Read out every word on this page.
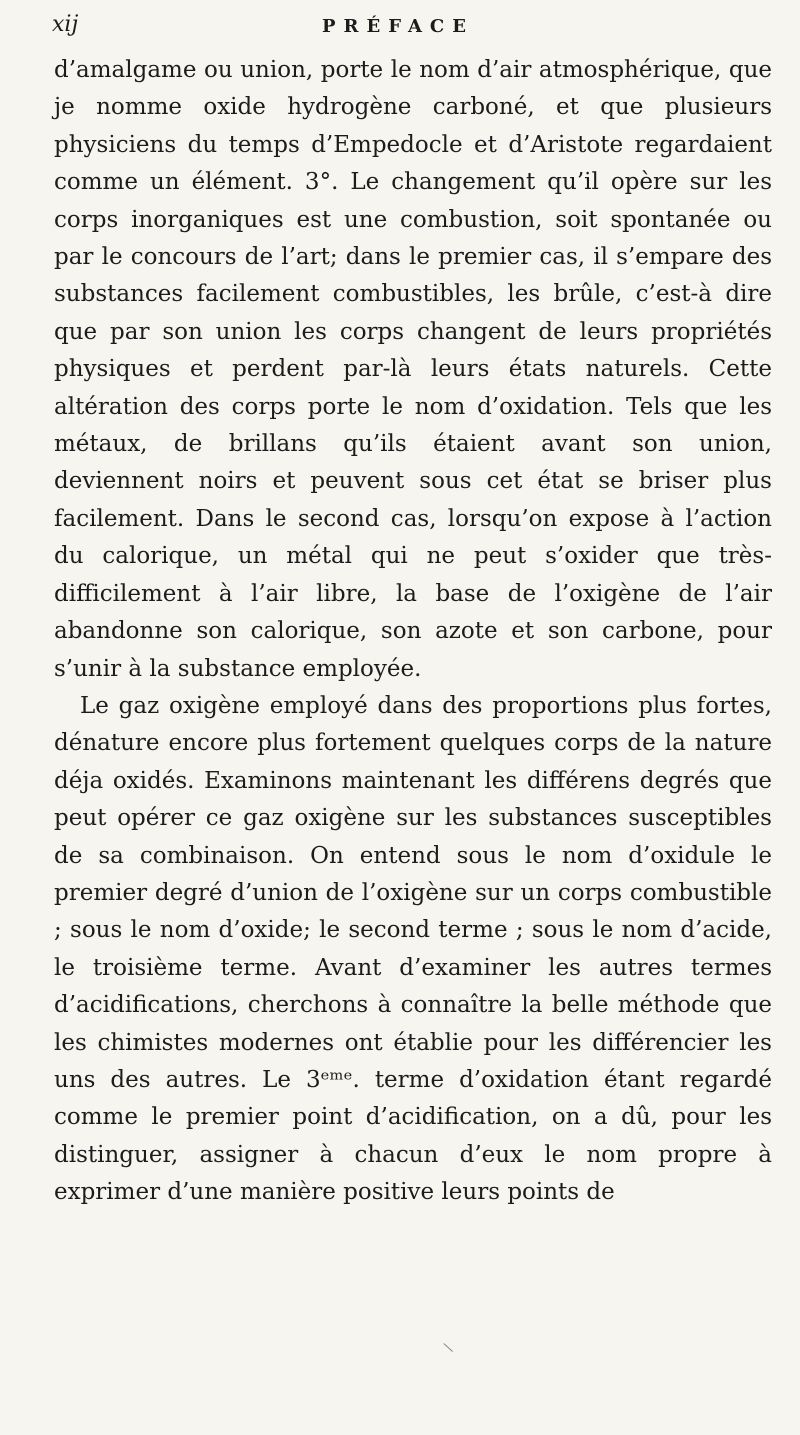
xij	PRÉFACE

d’amalgame ou union, porte le nom d’air atmosphérique, que je nomme oxide hydrogène carboné, et que plusieurs physiciens du temps d’Empedocle et d’Aristote regardaient comme un élément. 3°. Le changement qu’il opère sur les corps inorganiques est une combustion, soit spontanée ou par le concours de l’art; dans le premier cas, il s’empare des substances facilement combustibles, les brûle, c’est-à dire que par son union les corps changent de leurs propriétés physiques et perdent par-là leurs états naturels. Cette altération des corps porte le nom d’oxidation. Tels que les métaux, de brillans qu’ils étaient avant son union, deviennent noirs et peuvent sous cet état se briser plus facilement. Dans le second cas, lorsqu’on expose à l’action du calorique, un métal qui ne peut s’oxider que très-difficilement à l’air libre, la base de l’oxigène de l’air abandonne son calorique, son azote et son carbone, pour s’unir à la substance employée.

Le gaz oxigène employé dans des proportions plus fortes, dénature encore plus fortement quelques corps de la nature déja oxidés. Examinons maintenant les différens degrés que peut opérer ce gaz oxigène sur les substances susceptibles de sa combinaison. On entend sous le nom d’oxidule le premier degré d’union de l’oxigène sur un corps combustible ; sous le nom d’oxide; le second terme ; sous le nom d’acide, le troisième terme. Avant d’examiner les autres termes d’acidifications, cherchons à connaître la belle méthode que les chimistes modernes ont établie pour les différencier les uns des autres. Le 3ᵉᵐᵉ. terme d’oxidation étant regardé comme le premier point d’acidification, on a dû, pour les distinguer, assigner à chacun d’eux le nom propre à exprimer d’une manière positive leurs points de

\
